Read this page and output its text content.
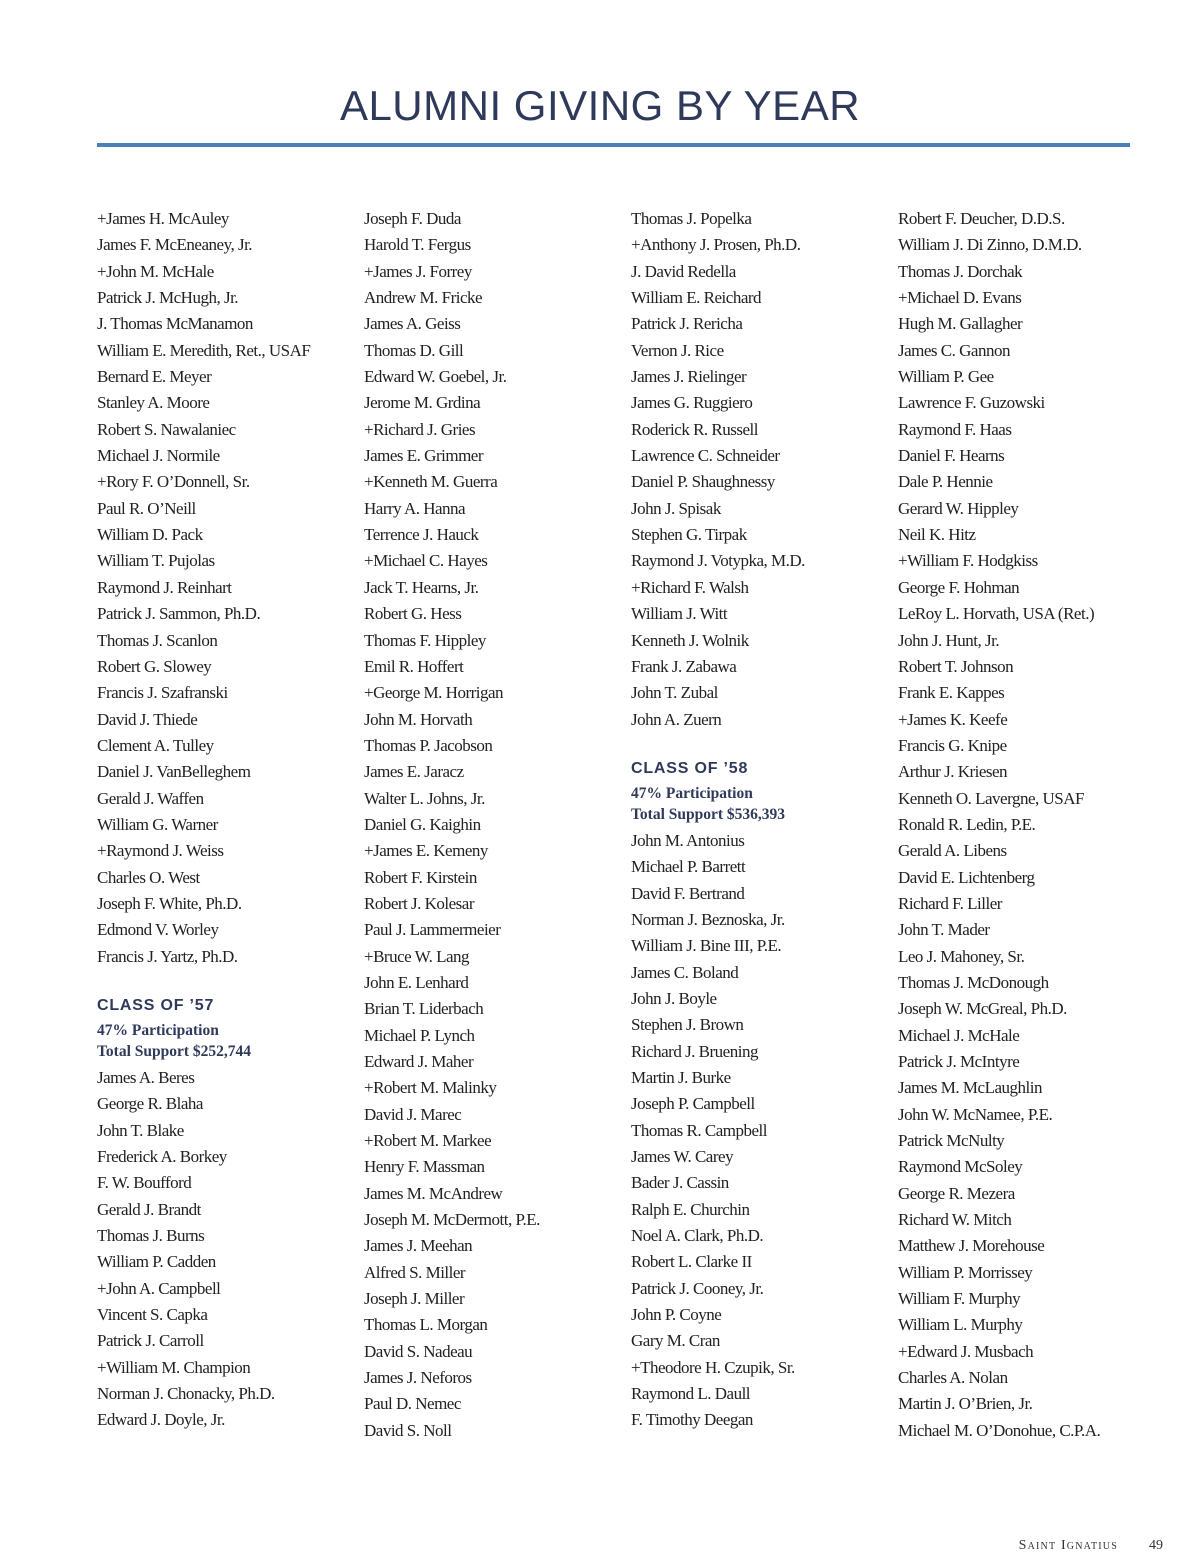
ALUMNI GIVING BY YEAR
+James H. McAuley
James F. McEneaney, Jr.
+John M. McHale
Patrick J. McHugh, Jr.
J. Thomas McManamon
William E. Meredith, Ret., USAF
Bernard E. Meyer
Stanley A. Moore
Robert S. Nawalaniec
Michael J. Normile
+Rory F. O’Donnell, Sr.
Paul R. O’Neill
William D. Pack
William T. Pujolas
Raymond J. Reinhart
Patrick J. Sammon, Ph.D.
Thomas J. Scanlon
Robert G. Slowey
Francis J. Szafranski
David J. Thiede
Clement A. Tulley
Daniel J. VanBelleghem
Gerald J. Waffen
William G. Warner
+Raymond J. Weiss
Charles O. West
Joseph F. White, Ph.D.
Edmond V. Worley
Francis J. Yartz, Ph.D.
CLASS OF ’57
47% Participation
Total Support $252,744
James A. Beres
George R. Blaha
John T. Blake
Frederick A. Borkey
F. W. Boufford
Gerald J. Brandt
Thomas J. Burns
William P. Cadden
+John A. Campbell
Vincent S. Capka
Patrick J. Carroll
+William M. Champion
Norman J. Chonacky, Ph.D.
Edward J. Doyle, Jr.
Joseph F. Duda
Harold T. Fergus
+James J. Forrey
Andrew M. Fricke
James A. Geiss
Thomas D. Gill
Edward W. Goebel, Jr.
Jerome M. Grdina
+Richard J. Gries
James E. Grimmer
+Kenneth M. Guerra
Harry A. Hanna
Terrence J. Hauck
+Michael C. Hayes
Jack T. Hearns, Jr.
Robert G. Hess
Thomas F. Hippley
Emil R. Hoffert
+George M. Horrigan
John M. Horvath
Thomas P. Jacobson
James E. Jaracz
Walter L. Johns, Jr.
Daniel G. Kaighin
+James E. Kemeny
Robert F. Kirstein
Robert J. Kolesar
Paul J. Lammermeier
+Bruce W. Lang
John E. Lenhard
Brian T. Liderbach
Michael P. Lynch
Edward J. Maher
+Robert M. Malinky
David J. Marec
+Robert M. Markee
Henry F. Massman
James M. McAndrew
Joseph M. McDermott, P.E.
James J. Meehan
Alfred S. Miller
Joseph J. Miller
Thomas L. Morgan
David S. Nadeau
James J. Neforos
Paul D. Nemec
David S. Noll
Thomas J. Popelka
+Anthony J. Prosen, Ph.D.
J. David Redella
William E. Reichard
Patrick J. Rericha
Vernon J. Rice
James J. Rielinger
James G. Ruggiero
Roderick R. Russell
Lawrence C. Schneider
Daniel P. Shaughnessy
John J. Spisak
Stephen G. Tirpak
Raymond J. Votypka, M.D.
+Richard F. Walsh
William J. Witt
Kenneth J. Wolnik
Frank J. Zabawa
John T. Zubal
John A. Zuern
CLASS OF ’58
47% Participation
Total Support $536,393
John M. Antonius
Michael P. Barrett
David F. Bertrand
Norman J. Beznoska, Jr.
William J. Bine III, P.E.
James C. Boland
John J. Boyle
Stephen J. Brown
Richard J. Bruening
Martin J. Burke
Joseph P. Campbell
Thomas R. Campbell
James W. Carey
Bader J. Cassin
Ralph E. Churchin
Noel A. Clark, Ph.D.
Robert L. Clarke II
Patrick J. Cooney, Jr.
John P. Coyne
Gary M. Cran
+Theodore H. Czupik, Sr.
Raymond L. Daull
F. Timothy Deegan
Robert F. Deucher, D.D.S.
William J. Di Zinno, D.M.D.
Thomas J. Dorchak
+Michael D. Evans
Hugh M. Gallagher
James C. Gannon
William P. Gee
Lawrence F. Guzowski
Raymond F. Haas
Daniel F. Hearns
Dale P. Hennie
Gerard W. Hippley
Neil K. Hitz
+William F. Hodgkiss
George F. Hohman
LeRoy L. Horvath, USA (Ret.)
John J. Hunt, Jr.
Robert T. Johnson
Frank E. Kappes
+James K. Keefe
Francis G. Knipe
Arthur J. Kriesen
Kenneth O. Lavergne, USAF
Ronald R. Ledin, P.E.
Gerald A. Libens
David E. Lichtenberg
Richard F. Liller
John T. Mader
Leo J. Mahoney, Sr.
Thomas J. McDonough
Joseph W. McGreal, Ph.D.
Michael J. McHale
Patrick J. McIntyre
James M. McLaughlin
John W. McNamee, P.E.
Patrick McNulty
Raymond McSoley
George R. Mezera
Richard W. Mitch
Matthew J. Morehouse
William P. Morrissey
William F. Murphy
William L. Murphy
+Edward J. Musbach
Charles A. Nolan
Martin J. O’Brien, Jr.
Michael M. O’Donohue, C.P.A.
Saint Ignatius 49
